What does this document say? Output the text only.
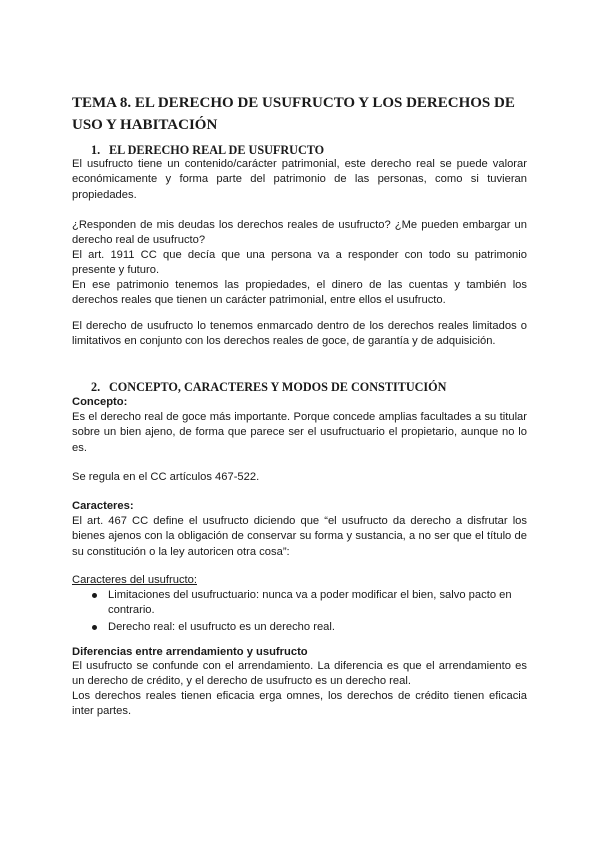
TEMA 8. EL DERECHO DE USUFRUCTO Y LOS DERECHOS DE USO Y HABITACIÓN
1. EL DERECHO REAL DE USUFRUCTO

El usufructo tiene un contenido/carácter patrimonial, este derecho real se puede valorar económicamente y forma parte del patrimonio de las personas, como si tuvieran propiedades.

¿Responden de mis deudas los derechos reales de usufructo? ¿Me pueden embargar un derecho real de usufructo?

El art. 1911 CC que decía que una persona va a responder con todo su patrimonio presente y futuro.

En ese patrimonio tenemos las propiedades, el dinero de las cuentas y también los derechos reales que tienen un carácter patrimonial, entre ellos el usufructo.

El derecho de usufructo lo tenemos enmarcado dentro de los derechos reales limitados o limitativos en conjunto con los derechos reales de goce, de garantía y de adquisición.

2. CONCEPTO, CARACTERES Y MODOS DE CONSTITUCIÓN

Concepto:

Es el derecho real de goce más importante. Porque concede amplias facultades a su titular sobre un bien ajeno, de forma que parece ser el usufructuario el propietario, aunque no lo es.

Se regula en el CC artículos 467-522.

Caracteres:

El art. 467 CC define el usufructo diciendo que “el usufructo da derecho a disfrutar los bienes ajenos con la obligación de conservar su forma y sustancia, a no ser que el título de su constitución o la ley autoricen otra cosa”:

Caracteres del usufructo:

Limitaciones del usufructuario: nunca va a poder modificar el bien, salvo pacto en contrario.
Derecho real: el usufructo es un derecho real.

Diferencias entre arrendamiento y usufructo

El usufructo se confunde con el arrendamiento. La diferencia es que el arrendamiento es un derecho de crédito, y el derecho de usufructo es un derecho real.

Los derechos reales tienen eficacia erga omnes, los derechos de crédito tienen eficacia inter partes.
